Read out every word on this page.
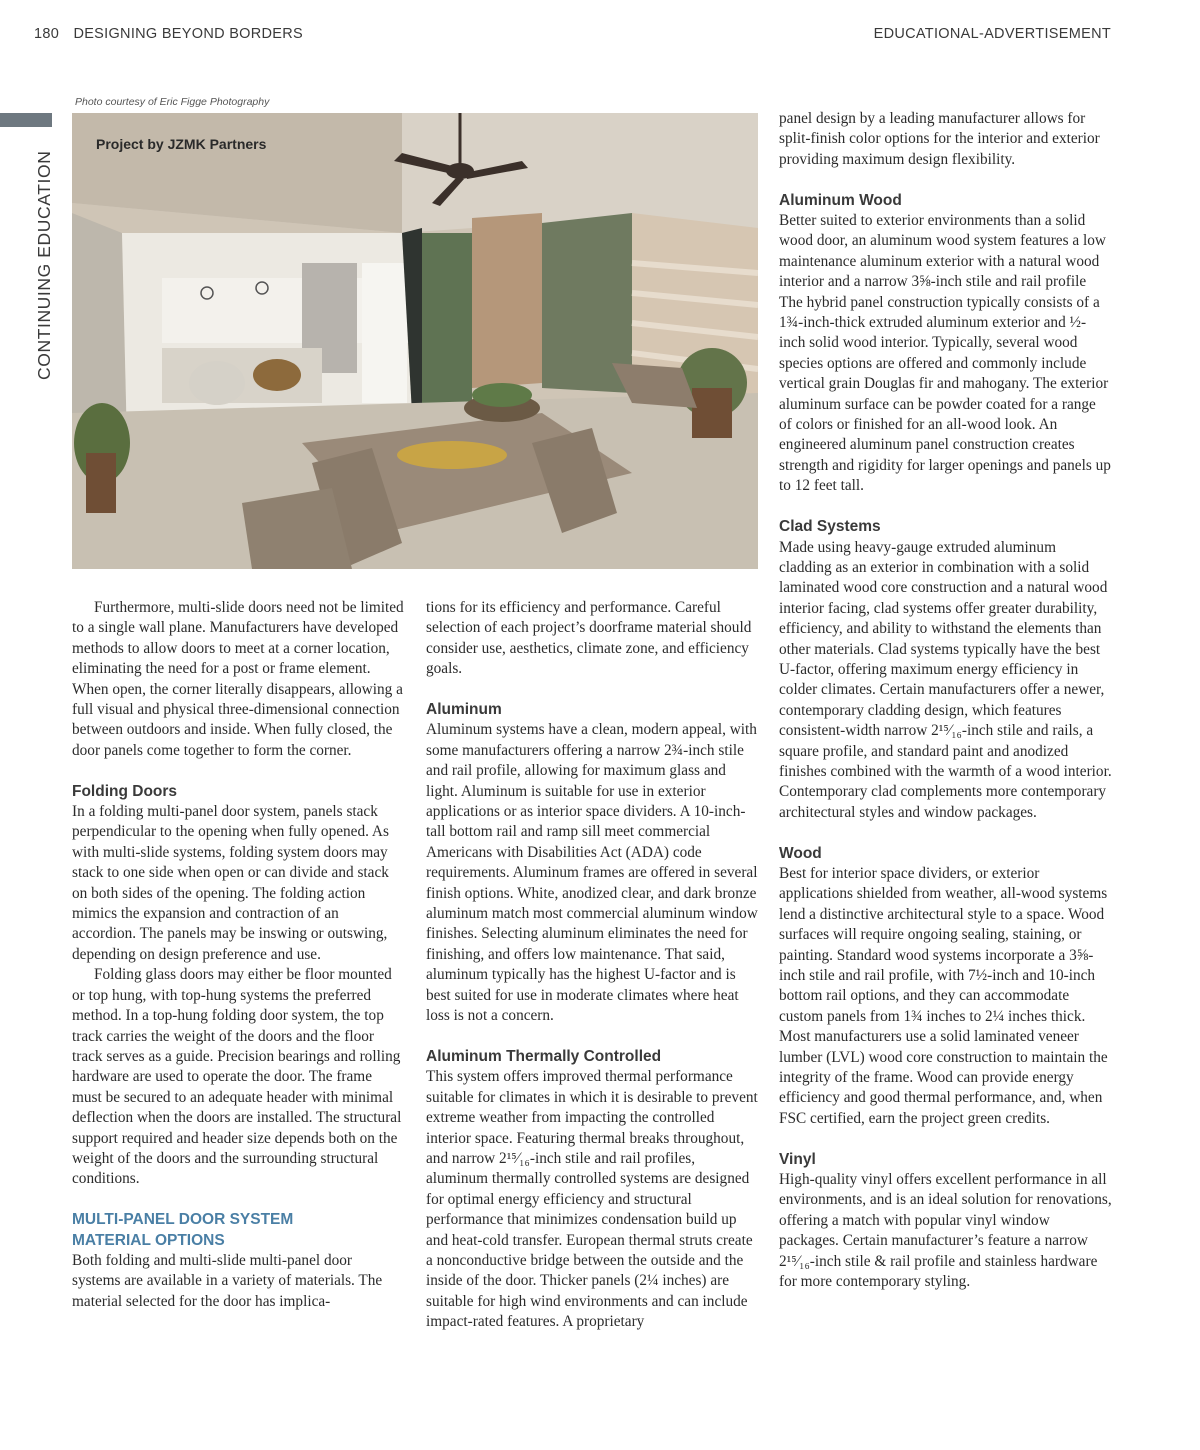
180 DESIGNING BEYOND BORDERS	EDUCATIONAL-ADVERTISEMENT
CONTINUING EDUCATION
Photo courtesy of Eric Figge Photography
Project by JZMK Partners

Furthermore, multi-slide doors need not be limited to a single wall plane. Manufacturers have developed methods to allow doors to meet at a corner location, eliminating the need for a post or frame element. When open, the corner literally disappears, allowing a full visual and physical three-dimensional connection between outdoors and inside. When fully closed, the door panels come together to form the corner.

Folding Doors

In a folding multi-panel door system, panels stack perpendicular to the opening when fully opened. As with multi-slide systems, folding system doors may stack to one side when open or can divide and stack on both sides of the opening. The folding action mimics the expansion and contraction of an accordion. The panels may be inswing or outswing, depending on design preference and use.

Folding glass doors may either be floor mounted or top hung, with top-hung systems the preferred method. In a top-hung folding door system, the top track carries the weight of the doors and the floor track serves as a guide. Precision bearings and rolling hardware are used to operate the door. The frame must be secured to an adequate header with minimal deflection when the doors are installed. The structural support required and header size depends both on the weight of the doors and the surrounding structural conditions.

MULTI-PANEL DOOR SYSTEM
MATERIAL OPTIONS

Both folding and multi-slide multi-panel door systems are available in a variety of materials. The material selected for the door has implica-

tions for its efficiency and performance. Careful selection of each project’s doorframe material should consider use, aesthetics, climate zone, and efficiency goals.

Aluminum

Aluminum systems have a clean, modern appeal, with some manufacturers offering a narrow 2¾-inch stile and rail profile, allowing for maximum glass and light. Aluminum is suitable for use in exterior applications or as interior space dividers. A 10-inch-tall bottom rail and ramp sill meet commercial Americans with Disabilities Act (ADA) code requirements. Aluminum frames are offered in several finish options. White, anodized clear, and dark bronze aluminum match most commercial aluminum window finishes. Selecting aluminum eliminates the need for finishing, and offers low maintenance. That said, aluminum typically has the highest U-factor and is best suited for use in moderate climates where heat loss is not a concern.

Aluminum Thermally Controlled

This system offers improved thermal performance suitable for climates in which it is desirable to prevent extreme weather from impacting the controlled interior space. Featuring thermal breaks throughout, and narrow 2¹⁵⁄₁₆-inch stile and rail profiles, aluminum thermally controlled systems are designed for optimal energy efficiency and structural performance that minimizes condensation build up and heat-cold transfer. European thermal struts create a nonconductive bridge between the outside and the inside of the door. Thicker panels (2¼ inches) are suitable for high wind environments and can include impact-rated features. A proprietary

panel design by a leading manufacturer allows for split-finish color options for the interior and exterior providing maximum design flexibility.

Aluminum Wood

Better suited to exterior environments than a solid wood door, an aluminum wood system features a low maintenance aluminum exterior with a natural wood interior and a narrow 3⅝-inch stile and rail profile The hybrid panel construction typically consists of a 1¾-inch-thick extruded aluminum exterior and ½-inch solid wood interior. Typically, several wood species options are offered and commonly include vertical grain Douglas fir and mahogany. The exterior aluminum surface can be powder coated for a range of colors or finished for an all-wood look. An engineered aluminum panel construction creates strength and rigidity for larger openings and panels up to 12 feet tall.

Clad Systems

Made using heavy-gauge extruded aluminum cladding as an exterior in combination with a solid laminated wood core construction and a natural wood interior facing, clad systems offer greater durability, efficiency, and ability to withstand the elements than other materials. Clad systems typically have the best U-factor, offering maximum energy efficiency in colder climates. Certain manufacturers offer a newer, contemporary cladding design, which features consistent-width narrow 2¹⁵⁄₁₆-inch stile and rails, a square profile, and standard paint and anodized finishes combined with the warmth of a wood interior. Contemporary clad complements more contemporary architectural styles and window packages.

Wood

Best for interior space dividers, or exterior applications shielded from weather, all-wood systems lend a distinctive architectural style to a space. Wood surfaces will require ongoing sealing, staining, or painting. Standard wood systems incorporate a 3⅝-inch stile and rail profile, with 7½-inch and 10-inch bottom rail options, and they can accommodate custom panels from 1¾ inches to 2¼ inches thick. Most manufacturers use a solid laminated veneer lumber (LVL) wood core construction to maintain the integrity of the frame. Wood can provide energy efficiency and good thermal performance, and, when FSC certified, earn the project green credits.

Vinyl

High-quality vinyl offers excellent performance in all environments, and is an ideal solution for renovations, offering a match with popular vinyl window packages. Certain manufacturer’s feature a narrow 2¹⁵⁄₁₆-inch stile & rail profile and stainless hardware for more contemporary styling.
